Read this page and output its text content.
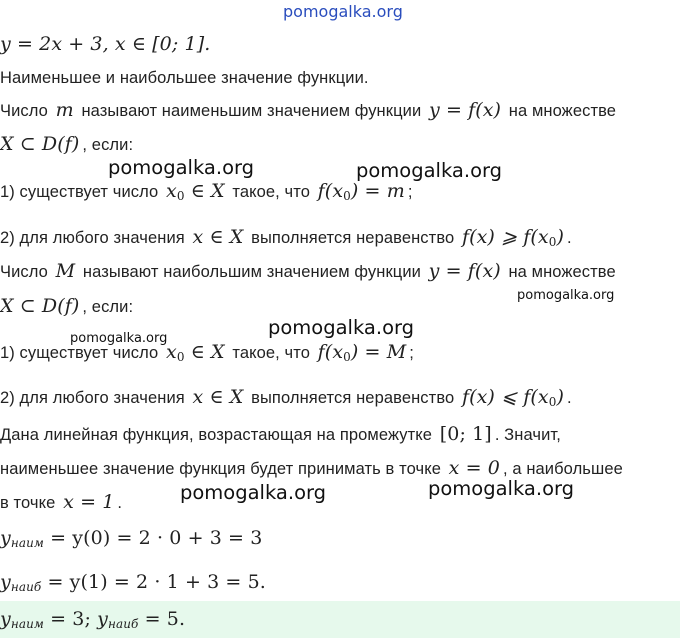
pomogalka.org
pomogalka.org	pomogalka.org
pomogalka.org
pomogalka.org
pomogalka.org
pomogalka.org	pomogalka.org
y = 2x + 3, x ∈ [0; 1].
Наименьшее и наибольшее значение функции.
Число m называют наименьшим значением функции y = f(x) на множестве
X ⊂ D(f) , если:
1) существует число $x_0$ ∈ X такое, что $f(x_0) = m$ ;
2) для любого значения x ∈ X выполняется неравенство f(x) ⩾ $f(x_0)$ .
Число M называют наибольшим значением функции y = f(x) на множестве
X ⊂ D(f) , если:
1) существует число $x_0$ ∈ X такое, что $f(x_0) = M$ ;
2) для любого значения x ∈ X выполняется неравенство f(x) ⩽ $f(x_0)$ .
Дана линейная функция, возрастающая на промежутке [0; 1] . Значит,
наименьшее значение функция будет принимать в точке x = 0 , а наибольшее
в точке x = 1 .
$y_{наим} = y(0) = 2 \cdot 0 + 3 = 3$
$y_{наиб} = y(1) = 2 \cdot 1 + 3 = 5$.
$y_{наим} = 3$; $y_{наиб} = 5$.
